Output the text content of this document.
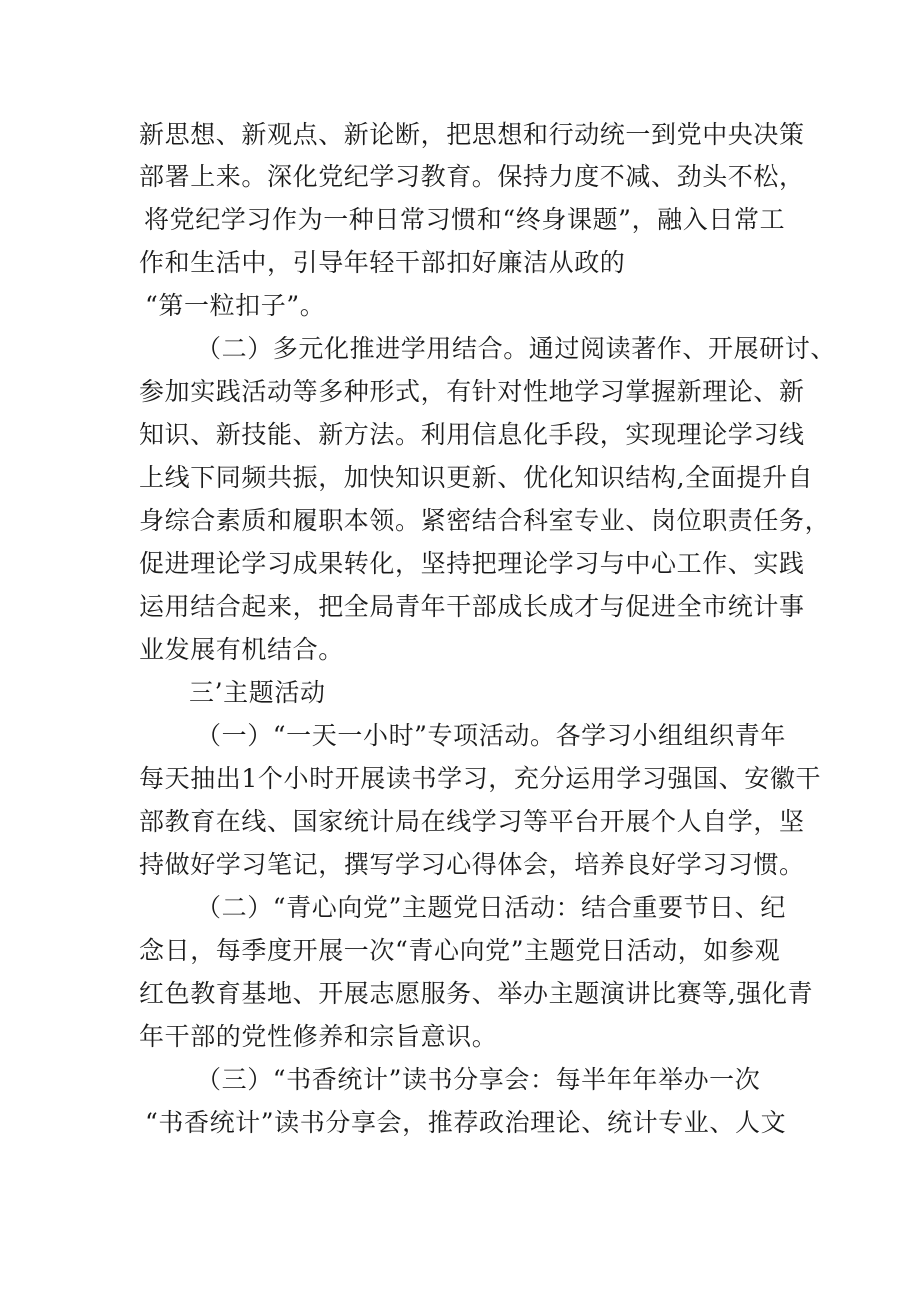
新思想、新观点、新论断，把思想和行动统一到党中央决策

部署上来。深化党纪学习教育。保持力度不减、劲头不松，

将党纪学习作为一种日常习惯和“终身课题”，融入日常工

作和生活中，引导年轻干部扣好廉洁从政的

“第一粒扣子”。

（二）多元化推进学用结合。通过阅读著作、开展研讨、

参加实践活动等多种形式，有针对性地学习掌握新理论、新

知识、新技能、新方法。利用信息化手段，实现理论学习线

上线下同频共振，加快知识更新、优化知识结构,全面提升自

身综合素质和履职本领。紧密结合科室专业、岗位职责任务，

促进理论学习成果转化，坚持把理论学习与中心工作、实践

运用结合起来，把全局青年干部成长成才与促进全市统计事

业发展有机结合。

三’主题活动

（一）“一天一小时”专项活动。各学习小组组织青年

每天抽出1个小时开展读书学习，充分运用学习强国、安徽干

部教育在线、国家统计局在线学习等平台开展个人自学，坚

持做好学习笔记，撰写学习心得体会，培养良好学习习惯。

（二）“青心向党”主题党日活动：结合重要节日、纪

念日，每季度开展一次“青心向党”主题党日活动，如参观

红色教育基地、开展志愿服务、举办主题演讲比赛等,强化青

年干部的党性修养和宗旨意识。

（三）“书香统计”读书分享会：每半年年举办一次

“书香统计”读书分享会，推荐政治理论、统计专业、人文
